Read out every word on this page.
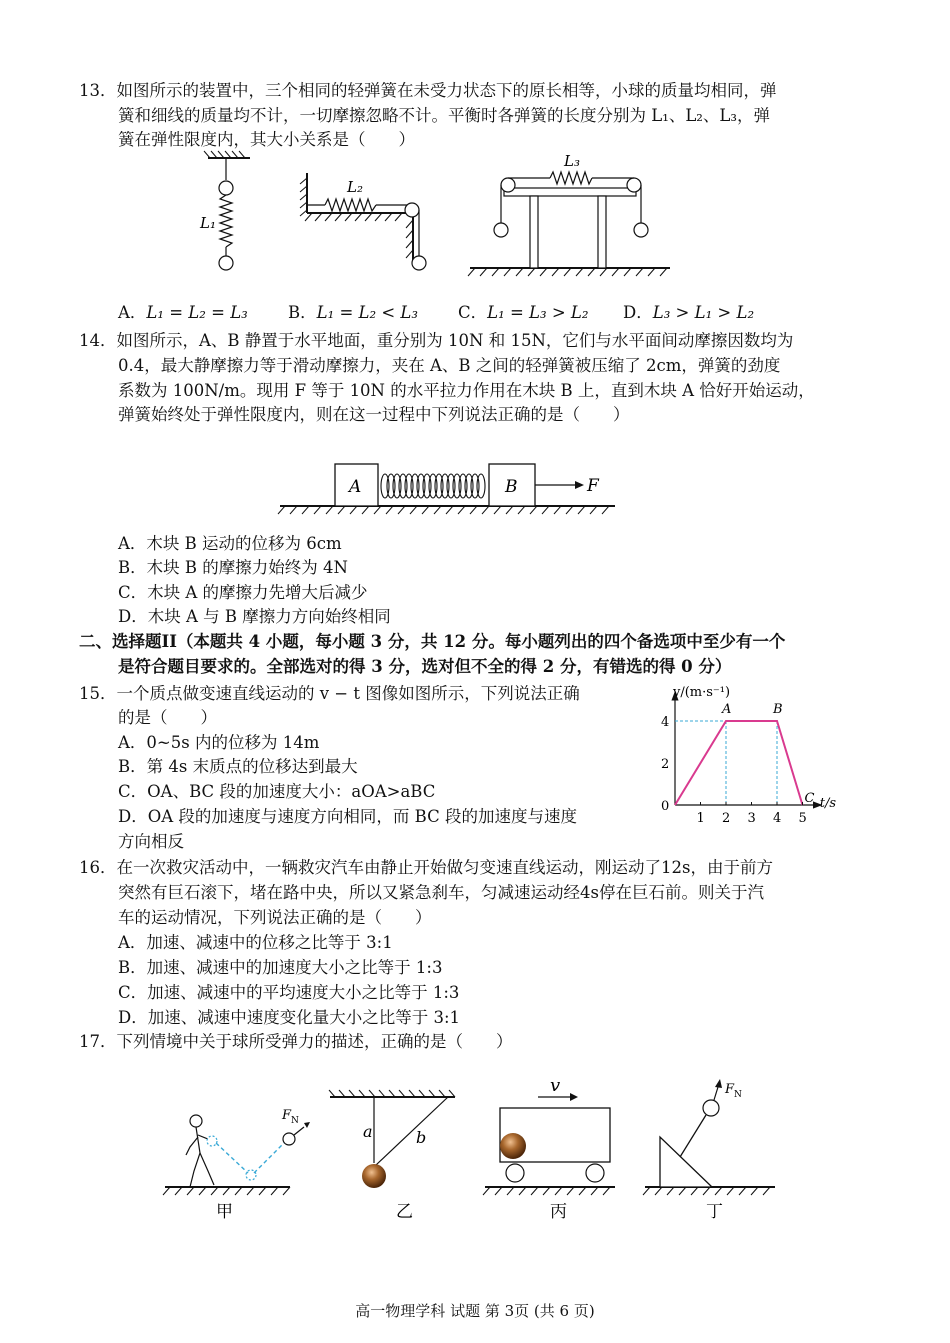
13．如图所示的装置中，三个相同的轻弹簧在未受力状态下的原长相等，小球的质量均相同，弹
簧和细线的质量均不计，一切摩擦忽略不计。平衡时各弹簧的长度分别为 L₁、L₂、L₃，弹
簧在弹性限度内，其大小关系是（　　）
L₁
L₂
L₃
A．L₁ = L₂ = L₃ B．L₁ = L₂ < L₃ C．L₁ = L₃ > L₂ D．L₃ > L₁ > L₂
14．如图所示，A、B 静置于水平地面，重分别为 10N 和 15N，它们与水平面间动摩擦因数均为
0.4，最大静摩擦力等于滑动摩擦力，夹在 A、B 之间的轻弹簧被压缩了 2cm，弹簧的劲度
系数为 100N/m。现用 F 等于 10N 的水平拉力作用在木块 B 上，直到木块 A 恰好开始运动，
弹簧始终处于弹性限度内，则在这一过程中下列说法正确的是（　　）
A	B	F
A．木块 B 运动的位移为 6cm
B．木块 B 的摩擦力始终为 4N
C．木块 A 的摩擦力先增大后减少
D．木块 A 与 B 摩擦力方向始终相同
二、选择题II（本题共 4 小题，每小题 3 分，共 12 分。每小题列出的四个备选项中至少有一个
是符合题目要求的。全部选对的得 3 分，选对但不全的得 2 分，有错选的得 0 分）
15．一个质点做变速直线运动的 v − t 图像如图所示，下列说法正确
的是（　　）
A．0~5s 内的位移为 14m
B．第 4s 末质点的位移达到最大
C．OA、BC 段的加速度大小：aOA>aBC
D．OA 段的加速度与速度方向相同，而 BC 段的加速度与速度
方向相反
1 2 3 4 5
0
2
4
A	B
C
v/(m·s⁻¹)
t/s
16．在一次救灾活动中，一辆救灾汽车由静止开始做匀变速直线运动，刚运动了12s，由于前方
突然有巨石滚下，堵在路中央，所以又紧急刹车，匀减速运动经4s停在巨石前。则关于汽
车的运动情况，下列说法正确的是（　　）
A．加速、减速中的位移之比等于 3:1
B．加速、减速中的加速度大小之比等于 1:3
C．加速、减速中的平均速度大小之比等于 1:3
D．加速、减速中速度变化量大小之比等于 3:1
17．下列情境中关于球所受弹力的描述，正确的是（　　）
$F_N$
甲
a	b
乙
v
丙
$F_N$
丁
高一物理学科 试题 第 3页 (共 6 页)
